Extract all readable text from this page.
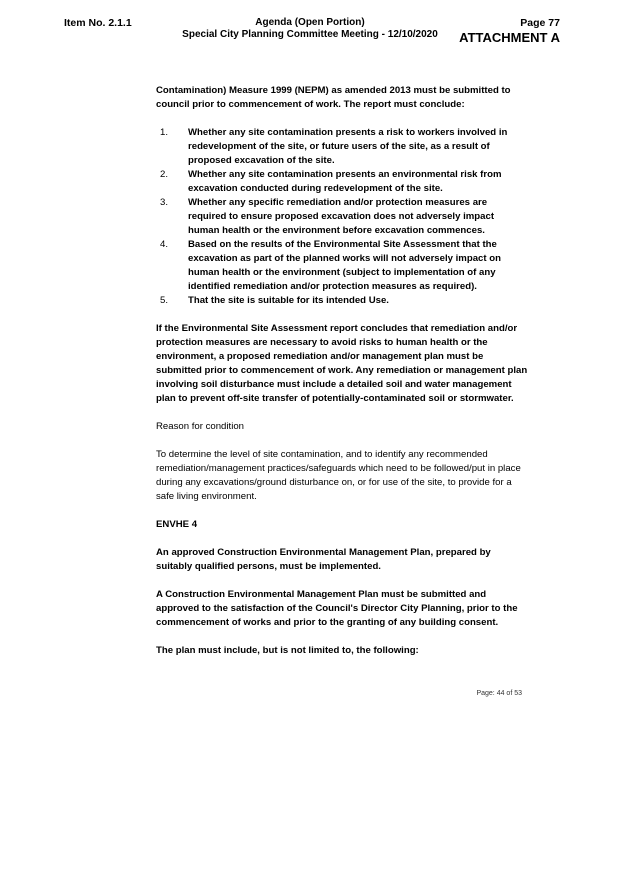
Item No. 2.1.1	Agenda (Open Portion)
Special City Planning Committee Meeting - 12/10/2020
Page 77
ATTACHMENT A

Contamination) Measure 1999 (NEPM) as amended 2013 must be submitted to council prior to commencement of work. The report must conclude:

1.	Whether any site contamination presents a risk to workers involved in redevelopment of the site, or future users of the site, as a result of proposed excavation of the site.
2.	Whether any site contamination presents an environmental risk from excavation conducted during redevelopment of the site.
3.	Whether any specific remediation and/or protection measures are required to ensure proposed excavation does not adversely impact human health or the environment before excavation commences.
4.	Based on the results of the Environmental Site Assessment that the excavation as part of the planned works will not adversely impact on human health or the environment (subject to implementation of any identified remediation and/or protection measures as required).
5.	That the site is suitable for its intended Use.

If the Environmental Site Assessment report concludes that remediation and/or protection measures are necessary to avoid risks to human health or the environment, a proposed remediation and/or management plan must be submitted prior to commencement of work. Any remediation or management plan involving soil disturbance must include a detailed soil and water management plan to prevent off-site transfer of potentially-contaminated soil or stormwater.

Reason for condition

To determine the level of site contamination, and to identify any recommended remediation/management practices/safeguards which need to be followed/put in place during any excavations/ground disturbance on, or for use of the site, to provide for a safe living environment.

ENVHE 4

An approved Construction Environmental Management Plan, prepared by suitably qualified persons, must be implemented.

A Construction Environmental Management Plan must be submitted and approved to the satisfaction of the Council's Director City Planning, prior to the commencement of works and prior to the granting of any building consent.

The plan must include, but is not limited to, the following:

Page: 44 of 53
